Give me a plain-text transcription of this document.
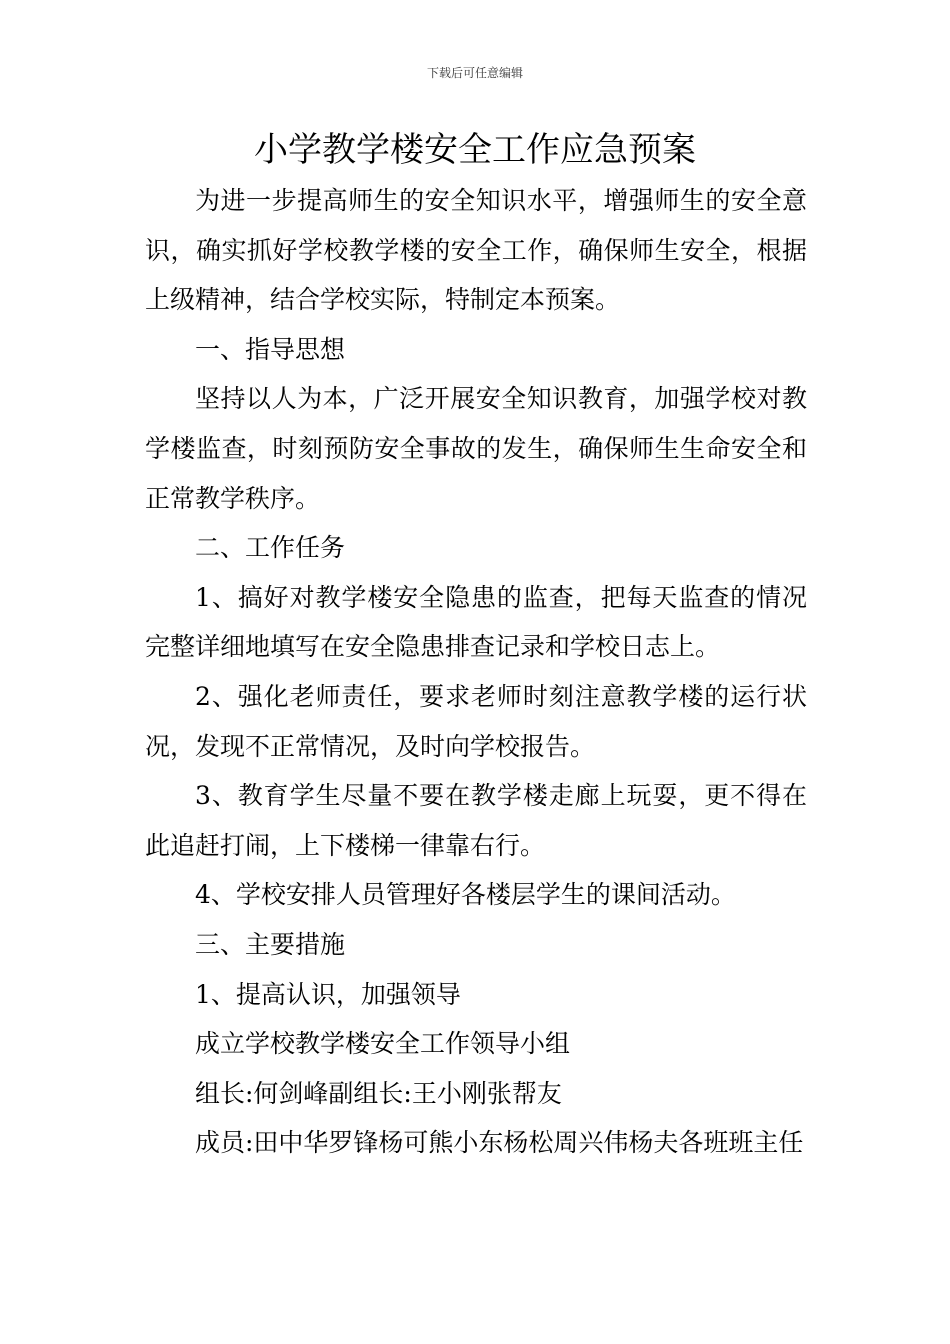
下载后可任意编辑
小学教学楼安全工作应急预案

为进一步提高师生的安全知识水平，增强师生的安全意识，确实抓好学校教学楼的安全工作，确保师生安全，根据上级精神，结合学校实际，特制定本预案。

一、指导思想

坚持以人为本，广泛开展安全知识教育，加强学校对教学楼监查，时刻预防安全事故的发生，确保师生生命安全和正常教学秩序。

二、工作任务

1、搞好对教学楼安全隐患的监查，把每天监查的情况完整详细地填写在安全隐患排查记录和学校日志上。

2、强化老师责任，要求老师时刻注意教学楼的运行状况，发现不正常情况，及时向学校报告。

3、教育学生尽量不要在教学楼走廊上玩耍，更不得在此追赶打闹，上下楼梯一律靠右行。

4、学校安排人员管理好各楼层学生的课间活动。

三、主要措施

1、提高认识，加强领导

成立学校教学楼安全工作领导小组

组长:何剑峰副组长:王小刚张帮友

成员:田中华罗锋杨可熊小东杨松周兴伟杨夫各班班主任
